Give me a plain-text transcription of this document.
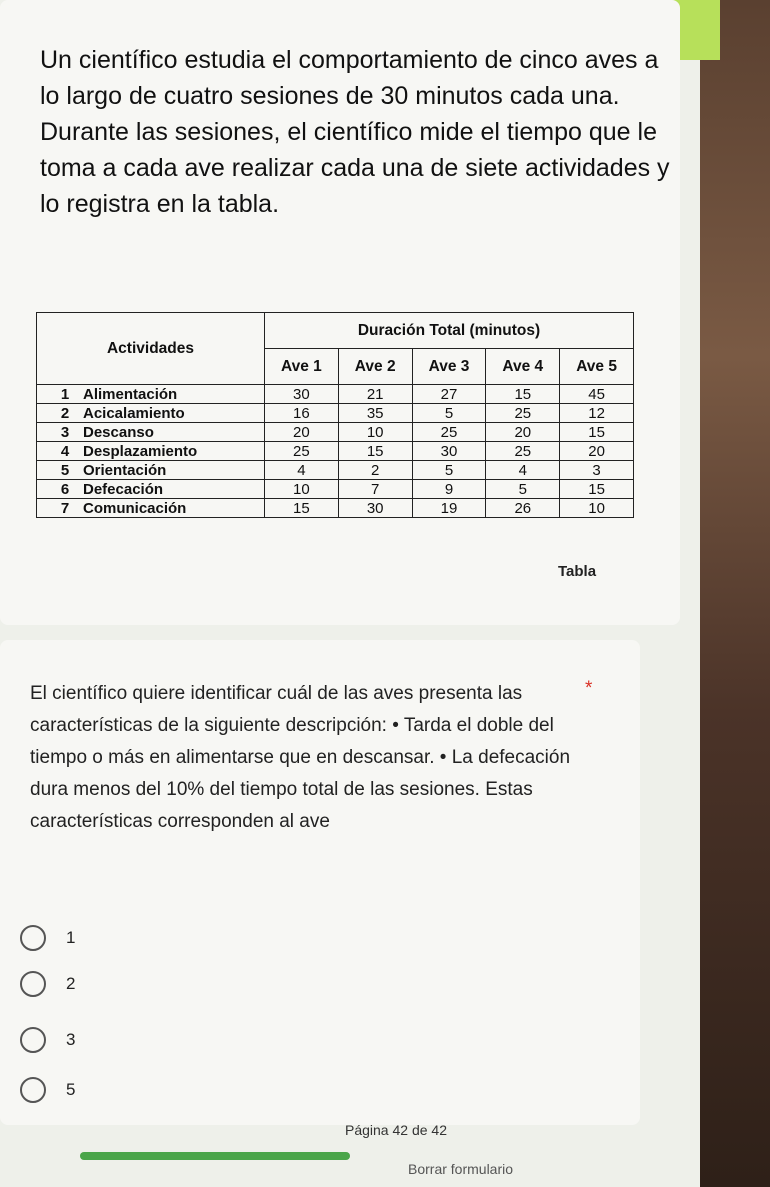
Un científico estudia el comportamiento de cinco aves a lo largo de cuatro sesiones de 30 minutos cada una. Durante las sesiones, el científico mide el tiempo que le toma a cada ave realizar cada una de siete actividades y lo registra en la tabla.

Actividades	Duración Total (minutos)				
	Ave 1	Ave 2	Ave 3	Ave 4	Ave 5
1 Alimentación	30	21	27	15	45
2 Acicalamiento	16	35	5	25	12
3 Descanso	20	10	25	20	15
4 Desplazamiento	25	15	30	25	20
5 Orientación	4	2	5	4	3
6 Defecación	10	7	9	5	15
7 Comunicación	15	30	19	26	10
Tabla

El científico quiere identificar cuál de las aves presenta las características de la siguiente descripción: • Tarda el doble del tiempo o más en alimentarse que en descansar. • La defecación dura menos del 10% del tiempo total de las sesiones. Estas características corresponden al ave

*
1
2
3
5
Página 42 de 42
Borrar formulario
